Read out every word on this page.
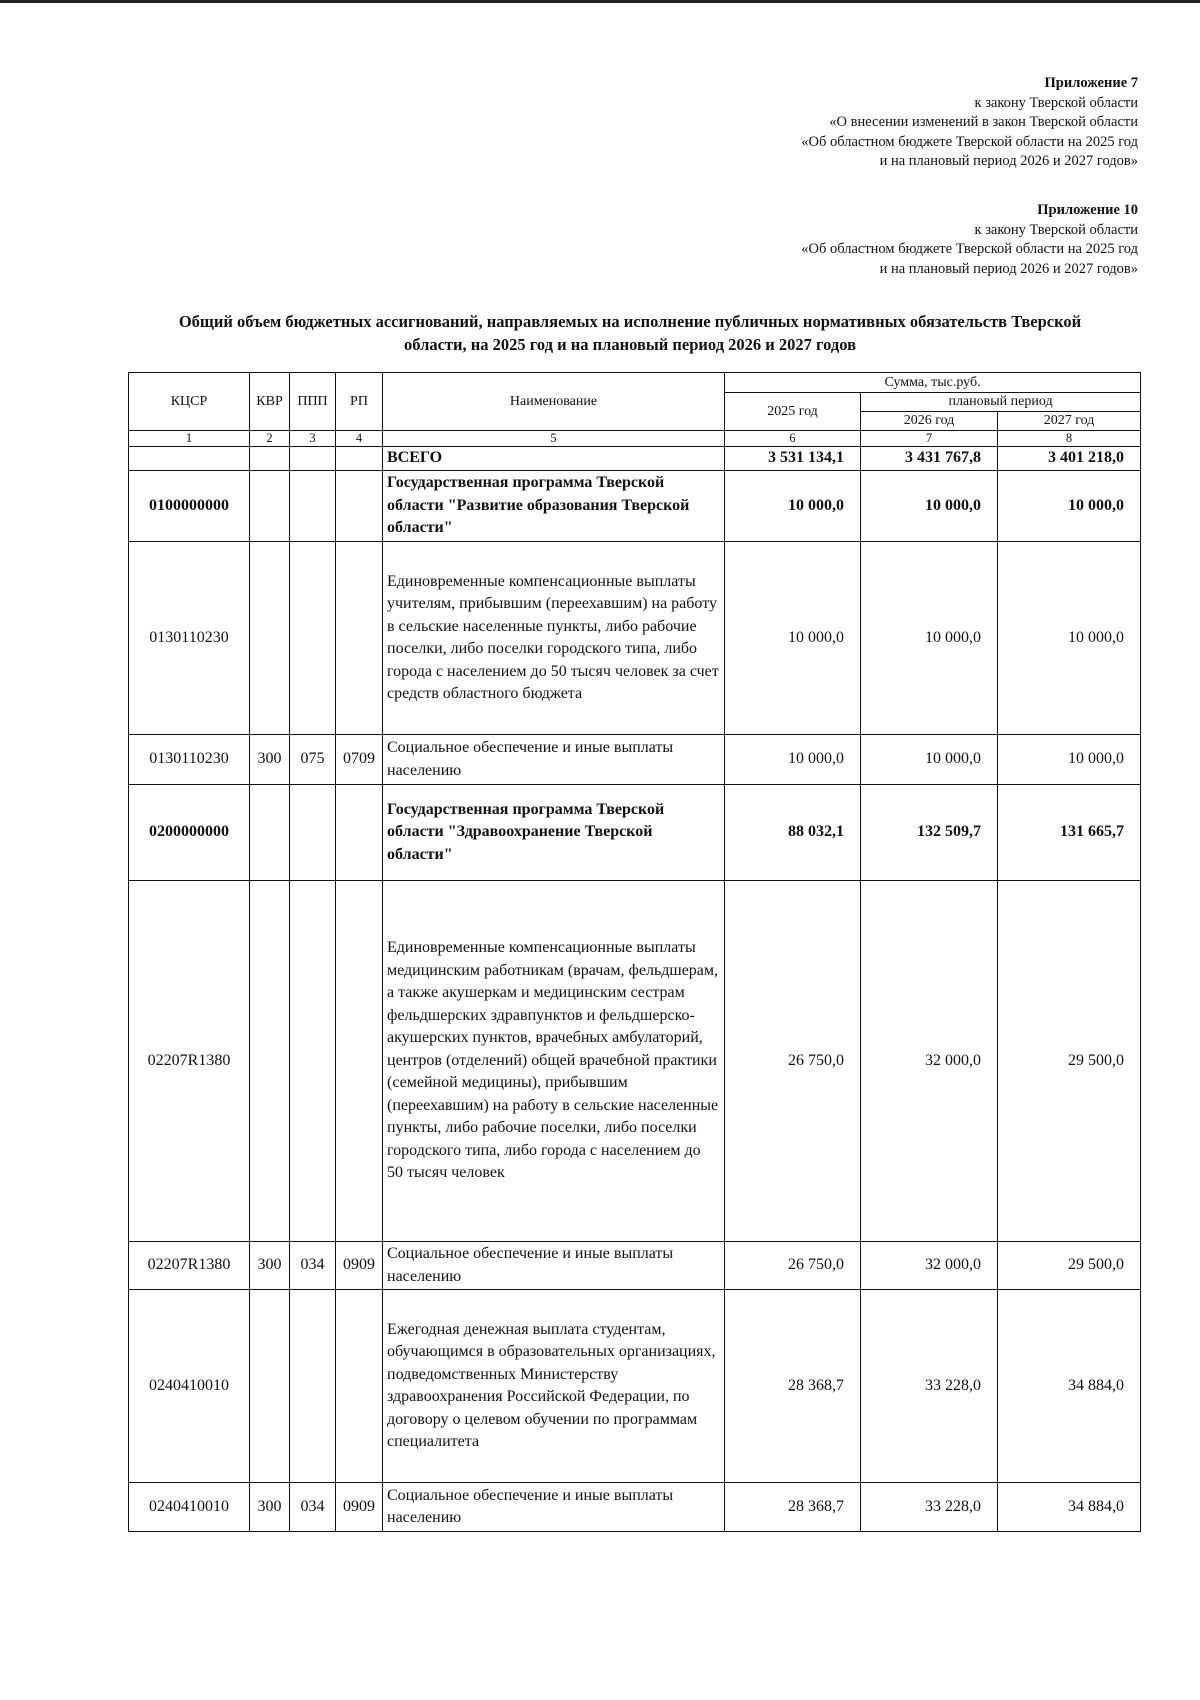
Приложение 7
к закону Тверской области
«О внесении изменений в закон Тверской области
«Об областном бюджете Тверской области на 2025 год
и на плановый период 2026 и 2027 годов»
Приложение 10
к закону Тверской области
«Об областном бюджете Тверской области на 2025 год
и на плановый период 2026 и 2027 годов»
Общий объем бюджетных ассигнований, направляемых на исполнение публичных нормативных обязательств Тверской
области, на 2025 год и на плановый период 2026 и 2027 годов
КЦСР	КВР	ППП	РП	Наименование	Сумма, тыс.руб.		
					2025 год	плановый период	
						2026 год	2027 год
1	2	3	4	5	6	7	8
				ВСЕГО	3 531 134,1	3 431 767,8	3 401 218,0
0100000000				Государственная программа Тверской области "Развитие образования Тверской области"	10 000,0	10 000,0	10 000,0
0130110230				Единовременные компенсационные выплаты учителям, прибывшим (переехавшим) на работу в сельские населенные пункты, либо рабочие поселки, либо поселки городского типа, либо города с населением до 50 тысяч человек за счет средств областного бюджета	10 000,0	10 000,0	10 000,0
0130110230	300	075	0709	Социальное обеспечение и иные выплаты населению	10 000,0	10 000,0	10 000,0
0200000000				Государственная программа Тверской области "Здравоохранение Тверской области"	88 032,1	132 509,7	131 665,7
02207R1380				Единовременные компенсационные выплаты медицинским работникам (врачам, фельдшерам, а также акушеркам и медицинским сестрам фельдшерских здравпунктов и фельдшерско-акушерских пунктов, врачебных амбулаторий, центров (отделений) общей врачебной практики (семейной медицины), прибывшим (переехавшим) на работу в сельские населенные пункты, либо рабочие поселки, либо поселки городского типа, либо города с населением до 50 тысяч человек	26 750,0	32 000,0	29 500,0
02207R1380	300	034	0909	Социальное обеспечение и иные выплаты населению	26 750,0	32 000,0	29 500,0
0240410010				Ежегодная денежная выплата студентам, обучающимся в образовательных организациях, подведомственных Министерству здравоохранения Российской Федерации, по договору о целевом обучении по программам специалитета	28 368,7	33 228,0	34 884,0
0240410010	300	034	0909	Социальное обеспечение и иные выплаты населению	28 368,7	33 228,0	34 884,0
